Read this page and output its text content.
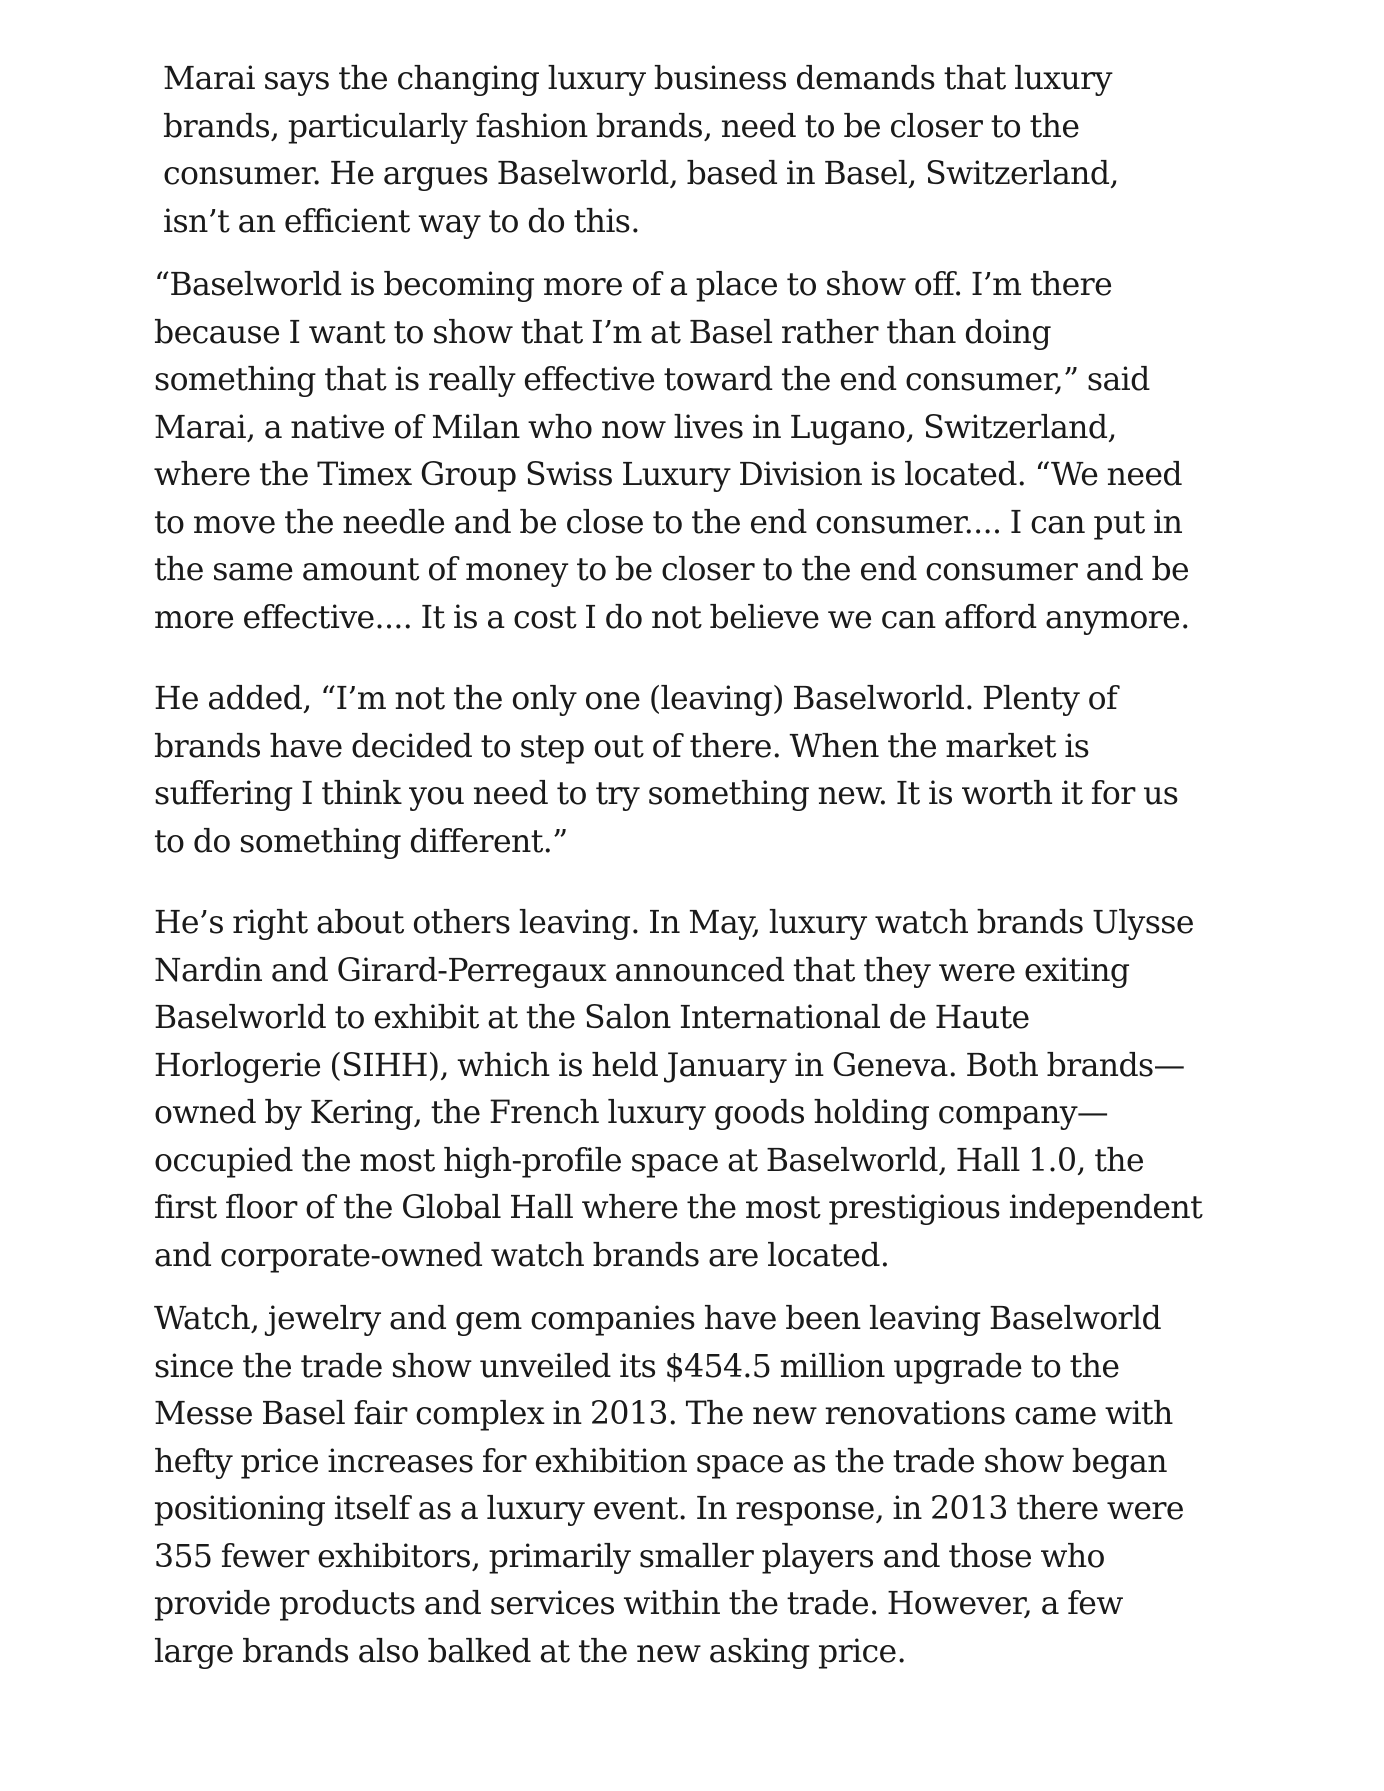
Marai says the changing luxury business demands that luxury brands, particularly fashion brands, need to be closer to the consumer. He argues Baselworld, based in Basel, Switzerland, isn’t an efficient way to do this.

“Baselworld is becoming more of a place to show off. I’m there because I want to show that I’m at Basel rather than doing something that is really effective toward the end consumer,” said Marai, a native of Milan who now lives in Lugano, Switzerland, where the Timex Group Swiss Luxury Division is located. “We need to move the needle and be close to the end consumer.... I can put in the same amount of money to be closer to the end consumer and be more effective.... It is a cost I do not believe we can afford anymore.

He added, “I’m not the only one (leaving) Baselworld. Plenty of brands have decided to step out of there. When the market is suffering I think you need to try something new. It is worth it for us to do something different.”

He’s right about others leaving. In May, luxury watch brands Ulysse Nardin and Girard-Perregaux announced that they were exiting Baselworld to exhibit at the Salon International de Haute Horlogerie (SIHH), which is held January in Geneva. Both brands—owned by Kering, the French luxury goods holding company—occupied the most high-profile space at Baselworld, Hall 1.0, the first floor of the Global Hall where the most prestigious independent and corporate-owned watch brands are located.

Watch, jewelry and gem companies have been leaving Baselworld since the trade show unveiled its $454.5 million upgrade to the Messe Basel fair complex in 2013. The new renovations came with hefty price increases for exhibition space as the trade show began positioning itself as a luxury event. In response, in 2013 there were 355 fewer exhibitors, primarily smaller players and those who provide products and services within the trade. However, a few large brands also balked at the new asking price.
